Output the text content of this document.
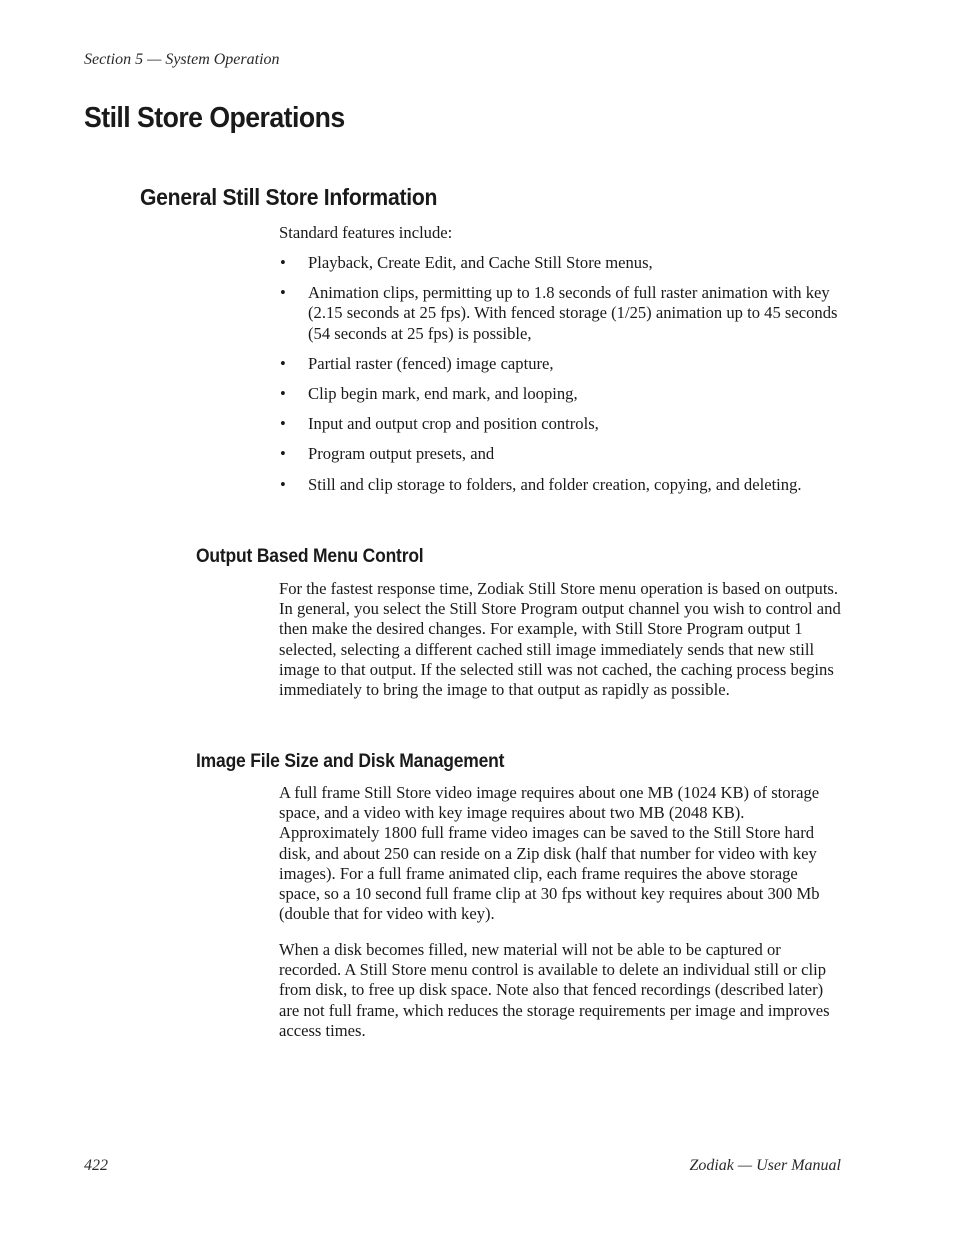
Section 5 — System Operation
Still Store Operations
General Still Store Information

Standard features include:

• Playback, Create Edit, and Cache Still Store menus,
• Animation clips, permitting up to 1.8 seconds of full raster animation with key (2.15 seconds at 25 fps). With fenced storage (1/25) animation up to 45 seconds (54 seconds at 25 fps) is possible,
• Partial raster (fenced) image capture,
• Clip begin mark, end mark, and looping,
• Input and output crop and position controls,
• Program output presets, and
• Still and clip storage to folders, and folder creation, copying, and deleting.
Output Based Menu Control

For the fastest response time, Zodiak Still Store menu operation is based on outputs. In general, you select the Still Store Program output channel you wish to control and then make the desired changes. For example, with Still Store Program output 1 selected, selecting a different cached still image immediately sends that new still image to that output. If the selected still was not cached, the caching process begins immediately to bring the image to that output as rapidly as possible.

Image File Size and Disk Management

A full frame Still Store video image requires about one MB (1024 KB) of storage space, and a video with key image requires about two MB (2048 KB). Approximately 1800 full frame video images can be saved to the Still Store hard disk, and about 250 can reside on a Zip disk (half that number for video with key images). For a full frame animated clip, each frame requires the above storage space, so a 10 second full frame clip at 30 fps without key requires about 300 Mb (double that for video with key).

When a disk becomes filled, new material will not be able to be captured or recorded. A Still Store menu control is available to delete an individual still or clip from disk, to free up disk space. Note also that fenced recordings (described later) are not full frame, which reduces the storage requirements per image and improves access times.

422	Zodiak — User Manual
